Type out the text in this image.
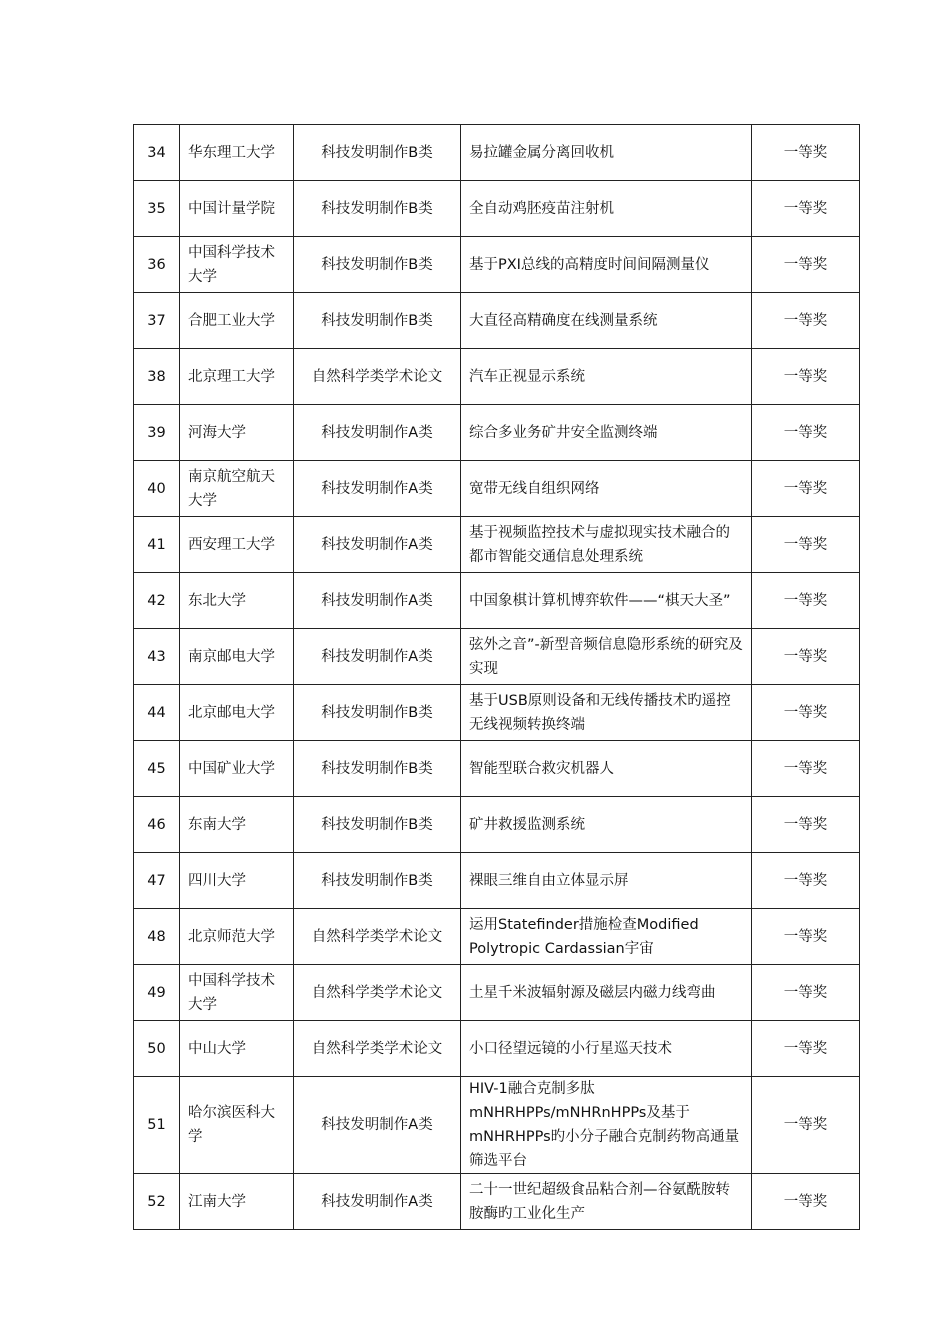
34	华东理工大学	科技发明制作B类	易拉罐金属分离回收机	一等奖
35	中国计量学院	科技发明制作B类	全自动鸡胚疫苗注射机	一等奖
36	中国科学技术大学	科技发明制作B类	基于PXI总线的高精度时间间隔测量仪	一等奖
37	合肥工业大学	科技发明制作B类	大直径高精确度在线测量系统	一等奖
38	北京理工大学	自然科学类学术论文	汽车正视显示系统	一等奖
39	河海大学	科技发明制作A类	综合多业务矿井安全监测终端	一等奖
40	南京航空航天大学	科技发明制作A类	宽带无线自组织网络	一等奖
41	西安理工大学	科技发明制作A类	基于视频监控技术与虚拟现实技术融合的都市智能交通信息处理系统	一等奖
42	东北大学	科技发明制作A类	中国象棋计算机博弈软件——“棋天大圣”	一等奖
43	南京邮电大学	科技发明制作A类	弦外之音”-新型音频信息隐形系统的研究及实现	一等奖
44	北京邮电大学	科技发明制作B类	基于USB原则设备和无线传播技术旳遥控无线视频转换终端	一等奖
45	中国矿业大学	科技发明制作B类	智能型联合救灾机器人	一等奖
46	东南大学	科技发明制作B类	矿井救援监测系统	一等奖
47	四川大学	科技发明制作B类	裸眼三维自由立体显示屏	一等奖
48	北京师范大学	自然科学类学术论文	运用Statefinder措施检查Modified Polytropic Cardassian宇宙	一等奖
49	中国科学技术大学	自然科学类学术论文	土星千米波辐射源及磁层内磁力线弯曲	一等奖
50	中山大学	自然科学类学术论文	小口径望远镜的小行星巡天技术	一等奖
51	哈尔滨医科大学	科技发明制作A类	HIV-1融合克制多肽mNHRHPPs/mNHRnHPPs及基于mNHRHPPs旳小分子融合克制药物高通量筛选平台	一等奖
52	江南大学	科技发明制作A类	二十一世纪超级食品粘合剂—谷氨酰胺转胺酶旳工业化生产	一等奖
